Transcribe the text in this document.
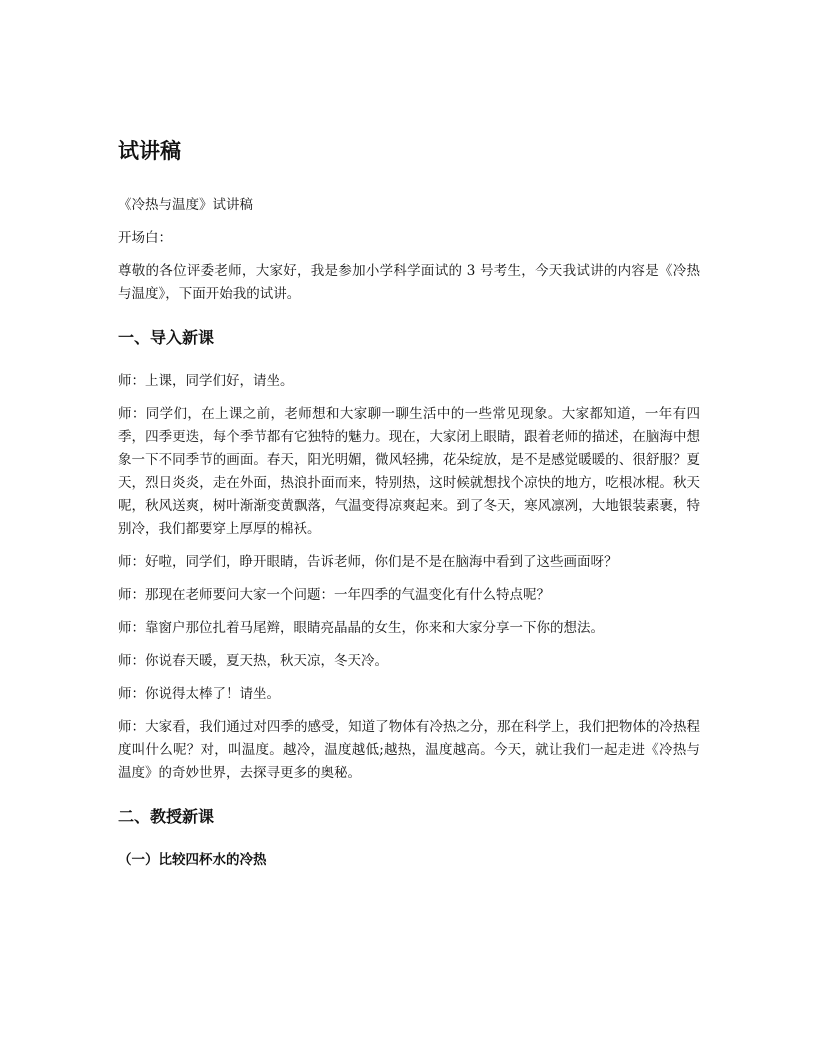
试讲稿

《冷热与温度》试讲稿

开场白：

尊敬的各位评委老师，大家好，我是参加小学科学面试的 3 号考生，今天我试讲的内容是《冷热与温度》，下面开始我的试讲。

一、导入新课

师：上课，同学们好，请坐。

师：同学们，在上课之前，老师想和大家聊一聊生活中的一些常见现象。大家都知道，一年有四季，四季更迭，每个季节都有它独特的魅力。现在，大家闭上眼睛，跟着老师的描述，在脑海中想象一下不同季节的画面。春天，阳光明媚，微风轻拂，花朵绽放，是不是感觉暖暖的、很舒服？夏天，烈日炎炎，走在外面，热浪扑面而来，特别热，这时候就想找个凉快的地方，吃根冰棍。秋天呢，秋风送爽，树叶渐渐变黄飘落，气温变得凉爽起来。到了冬天，寒风凛冽，大地银装素裹，特别冷，我们都要穿上厚厚的棉袄。

师：好啦，同学们，睁开眼睛，告诉老师，你们是不是在脑海中看到了这些画面呀？

师：那现在老师要问大家一个问题：一年四季的气温变化有什么特点呢？

师：靠窗户那位扎着马尾辫，眼睛亮晶晶的女生，你来和大家分享一下你的想法。

师：你说春天暖，夏天热，秋天凉，冬天冷。

师：你说得太棒了！请坐。

师：大家看，我们通过对四季的感受，知道了物体有冷热之分，那在科学上，我们把物体的冷热程度叫什么呢？对，叫温度。越冷，温度越低;越热，温度越高。今天，就让我们一起走进《冷热与温度》的奇妙世界，去探寻更多的奥秘。

二、教授新课
（一）比较四杯水的冷热
